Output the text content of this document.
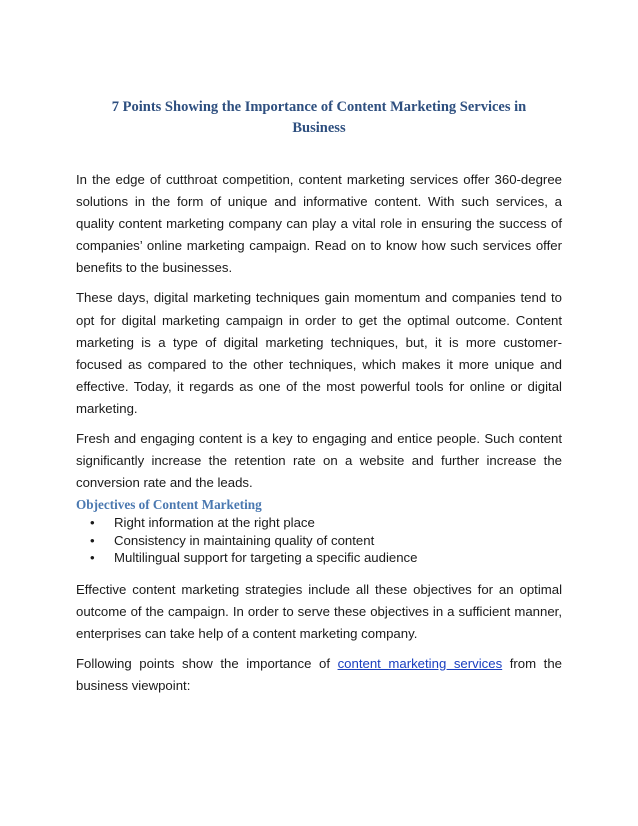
7 Points Showing the Importance of Content Marketing Services in Business

In the edge of cutthroat competition, content marketing services offer 360-degree solutions in the form of unique and informative content. With such services, a quality content marketing company can play a vital role in ensuring the success of companies’ online marketing campaign. Read on to know how such services offer benefits to the businesses.

These days, digital marketing techniques gain momentum and companies tend to opt for digital marketing campaign in order to get the optimal outcome. Content marketing is a type of digital marketing techniques, but, it is more customer-focused as compared to the other techniques, which makes it more unique and effective. Today, it regards as one of the most powerful tools for online or digital marketing.

Fresh and engaging content is a key to engaging and entice people. Such content significantly increase the retention rate on a website and further increase the conversion rate and the leads.

Objectives of Content Marketing
• Right information at the right place
• Consistency in maintaining quality of content
• Multilingual support for targeting a specific audience

Effective content marketing strategies include all these objectives for an optimal outcome of the campaign. In order to serve these objectives in a sufficient manner, enterprises can take help of a content marketing company.

Following points show the importance of content marketing services from the business viewpoint:
